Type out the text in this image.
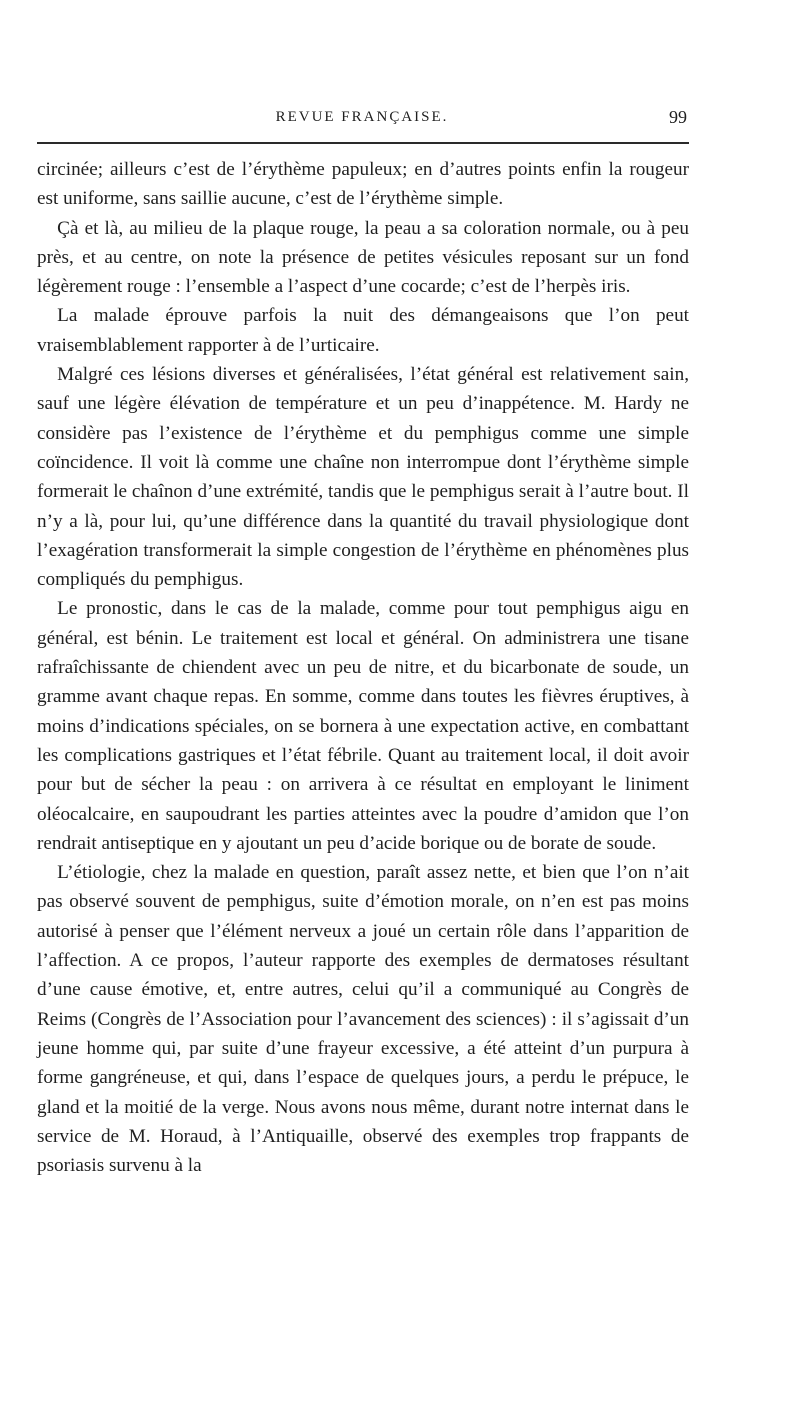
REVUE FRANÇAISE.	99

circinée; ailleurs c’est de l’érythème papuleux; en d’autres points enfin la rougeur est uniforme, sans saillie aucune, c’est de l’érythème simple.

Çà et là, au milieu de la plaque rouge, la peau a sa coloration normale, ou à peu près, et au centre, on note la présence de petites vésicules reposant sur un fond légèrement rouge : l’ensemble a l’aspect d’une cocarde; c’est de l’herpès iris.

La malade éprouve parfois la nuit des démangeaisons que l’on peut vraisemblablement rapporter à de l’urticaire.

Malgré ces lésions diverses et généralisées, l’état général est relativement sain, sauf une légère élévation de température et un peu d’inappétence. M. Hardy ne considère pas l’existence de l’érythème et du pemphigus comme une simple coïncidence. Il voit là comme une chaîne non interrompue dont l’érythème simple formerait le chaînon d’une extrémité, tandis que le pemphigus serait à l’autre bout. Il n’y a là, pour lui, qu’une différence dans la quantité du travail physiologique dont l’exagération transformerait la simple congestion de l’érythème en phénomènes plus compliqués du pemphigus.

Le pronostic, dans le cas de la malade, comme pour tout pemphigus aigu en général, est bénin. Le traitement est local et général. On administrera une tisane rafraîchissante de chiendent avec un peu de nitre, et du bicarbonate de soude, un gramme avant chaque repas. En somme, comme dans toutes les fièvres éruptives, à moins d’indications spéciales, on se bornera à une expectation active, en combattant les complications gastriques et l’état fébrile. Quant au traitement local, il doit avoir pour but de sécher la peau : on arrivera à ce résultat en employant le liniment oléocalcaire, en saupoudrant les parties atteintes avec la poudre d’amidon que l’on rendrait antiseptique en y ajoutant un peu d’acide borique ou de borate de soude.

L’étiologie, chez la malade en question, paraît assez nette, et bien que l’on n’ait pas observé souvent de pemphigus, suite d’émotion morale, on n’en est pas moins autorisé à penser que l’élément nerveux a joué un certain rôle dans l’apparition de l’affection. A ce propos, l’auteur rapporte des exemples de dermatoses résultant d’une cause émotive, et, entre autres, celui qu’il a communiqué au Congrès de Reims (Congrès de l’Association pour l’avancement des sciences) : il s’agissait d’un jeune homme qui, par suite d’une frayeur excessive, a été atteint d’un purpura à forme gangréneuse, et qui, dans l’espace de quelques jours, a perdu le prépuce, le gland et la moitié de la verge. Nous avons nous même, durant notre internat dans le service de M. Horaud, à l’Antiquaille, observé des exemples trop frappants de psoriasis survenu à la
